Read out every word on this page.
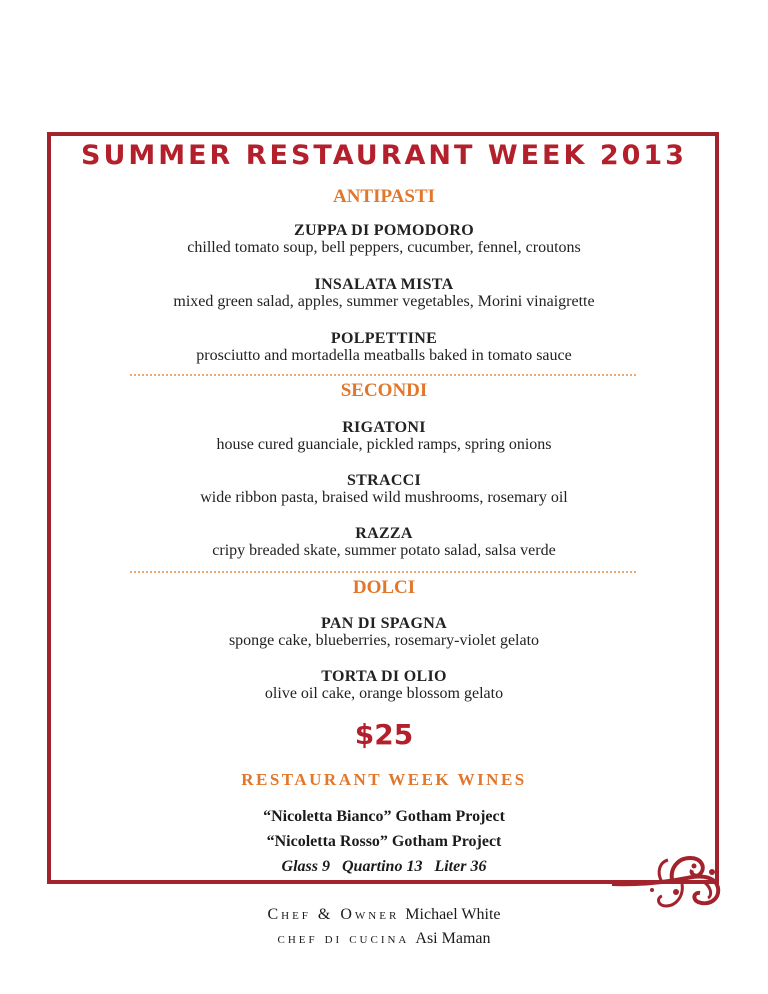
SUMMER RESTAURANT WEEK 2013
ANTIPASTI
ZUPPA DI POMODORO
chilled tomato soup, bell peppers, cucumber, fennel, croutons
INSALATA MISTA
mixed green salad, apples, summer vegetables, Morini vinaigrette
POLPETTINE
prosciutto and mortadella meatballs baked in tomato sauce
SECONDI
RIGATONI
house cured guanciale, pickled ramps, spring onions
STRACCI
wide ribbon pasta, braised wild mushrooms, rosemary oil
RAZZA
cripy breaded skate, summer potato salad, salsa verde
DOLCI
PAN DI SPAGNA
sponge cake, blueberries, rosemary-violet gelato
TORTA DI OLIO
olive oil cake, orange blossom gelato
$25
RESTAURANT WEEK WINES
“Nicoletta Bianco” Gotham Project
“Nicoletta Rosso” Gotham Project
Glass 9 Quartino 13 Liter 36
Chef & Owner Michael White
chef di cucina Asi Maman
